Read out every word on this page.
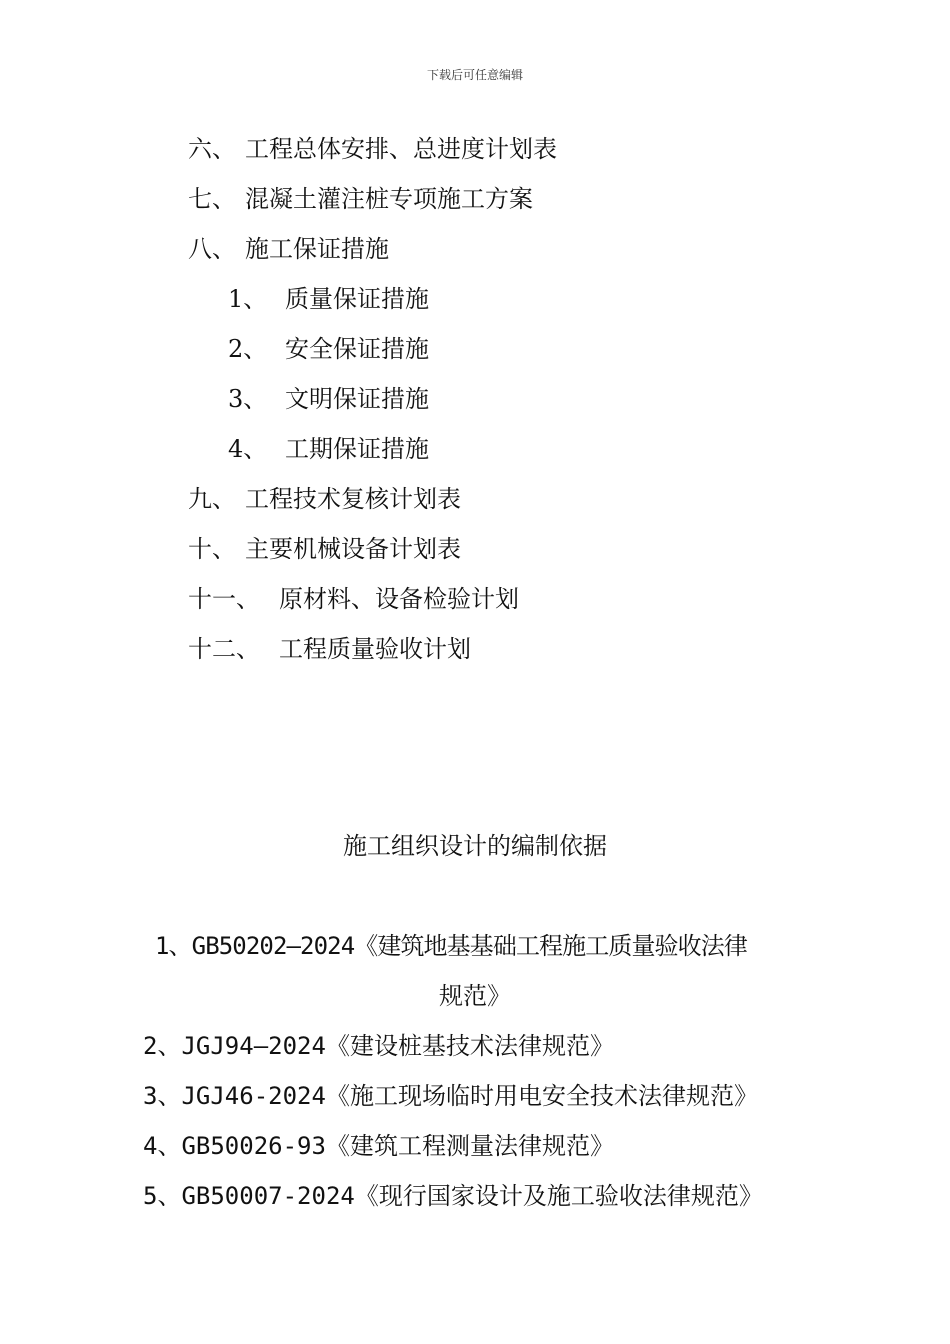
下载后可任意编辑
六、 工程总体安排、总进度计划表
七、 混凝土灌注桩专项施工方案
八、 施工保证措施
1、 质量保证措施
2、 安全保证措施
3、 文明保证措施
4、 工期保证措施
九、 工程技术复核计划表
十、 主要机械设备计划表
十一、 原材料、设备检验计划
十二、 工程质量验收计划
施工组织设计的编制依据
1、GB50202—2024《建筑地基基础工程施工质量验收法律
规范》
2、JGJ94—2024《建设桩基技术法律规范》
3、JGJ46-2024《施工现场临时用电安全技术法律规范》
4、GB50026-93《建筑工程测量法律规范》
5、GB50007-2024《现行国家设计及施工验收法律规范》
